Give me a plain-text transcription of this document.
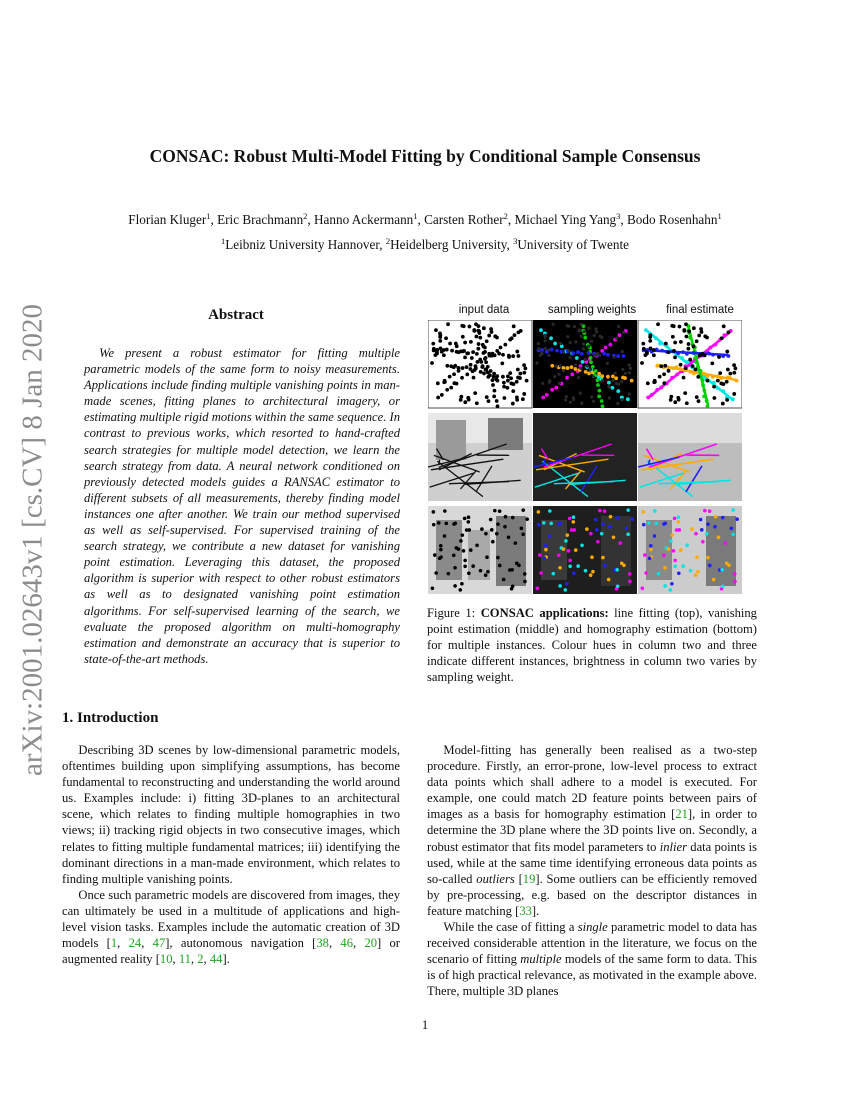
arXiv:2001.02643v1 [cs.CV] 8 Jan 2020
CONSAC: Robust Multi-Model Fitting by Conditional Sample Consensus
Florian Kluger$^1$, Eric Brachmann$^2$, Hanno Ackermann$^1$, Carsten Rother$^2$, Michael Ying Yang$^3$, Bodo Rosenhahn$^1$
$^1$Leibniz University Hannover, $^2$Heidelberg University, $^3$University of Twente
Abstract

We present a robust estimator for fitting multiple parametric models of the same form to noisy measurements. Applications include finding multiple vanishing points in man-made scenes, fitting planes to architectural imagery, or estimating multiple rigid motions within the same sequence. In contrast to previous works, which resorted to hand-crafted search strategies for multiple model detection, we learn the search strategy from data. A neural network conditioned on previously detected models guides a RANSAC estimator to different subsets of all measurements, thereby finding model instances one after another. We train our method supervised as well as self-supervised. For supervised training of the search strategy, we contribute a new dataset for vanishing point estimation. Leveraging this dataset, the proposed algorithm is superior with respect to other robust estimators as well as to designated vanishing point estimation algorithms. For self-supervised learning of the search, we evaluate the proposed algorithm on multi-homography estimation and demonstrate an accuracy that is superior to state-of-the-art methods.

1. Introduction

Describing 3D scenes by low-dimensional parametric models, oftentimes building upon simplifying assumptions, has become fundamental to reconstructing and understanding the world around us. Examples include: i) fitting 3D-planes to an architectural scene, which relates to finding multiple homographies in two views; ii) tracking rigid objects in two consecutive images, which relates to fitting multiple fundamental matrices; iii) identifying the dominant directions in a man-made environment, which relates to finding multiple vanishing points.

Once such parametric models are discovered from images, they can ultimately be used in a multitude of applications and high-level vision tasks. Examples include the automatic creation of 3D models [1, 24, 47], autonomous navigation [38, 46, 20] or augmented reality [10, 11, 2, 44].

Model-fitting has generally been realised as a two-step procedure. Firstly, an error-prone, low-level process to extract data points which shall adhere to a model is executed. For example, one could match 2D feature points between pairs of images as a basis for homography estimation [21], in order to determine the 3D plane where the 3D points live on. Secondly, a robust estimator that fits model parameters to inlier data points is used, while at the same time identifying erroneous data points as so-called outliers [19]. Some outliers can be efficiently removed by pre-processing, e.g. based on the descriptor distances in feature matching [33].

While the case of fitting a single parametric model to data has received considerable attention in the literature, we focus on the scenario of fitting multiple models of the same form to data. This is of high practical relevance, as motivated in the example above. There, multiple 3D planes

input data	sampling weights	final estimate

Figure 1: CONSAC applications: line fitting (top), vanishing point estimation (middle) and homography estimation (bottom) for multiple instances. Colour hues in column two and three indicate different instances, brightness in column two varies by sampling weight.

1
